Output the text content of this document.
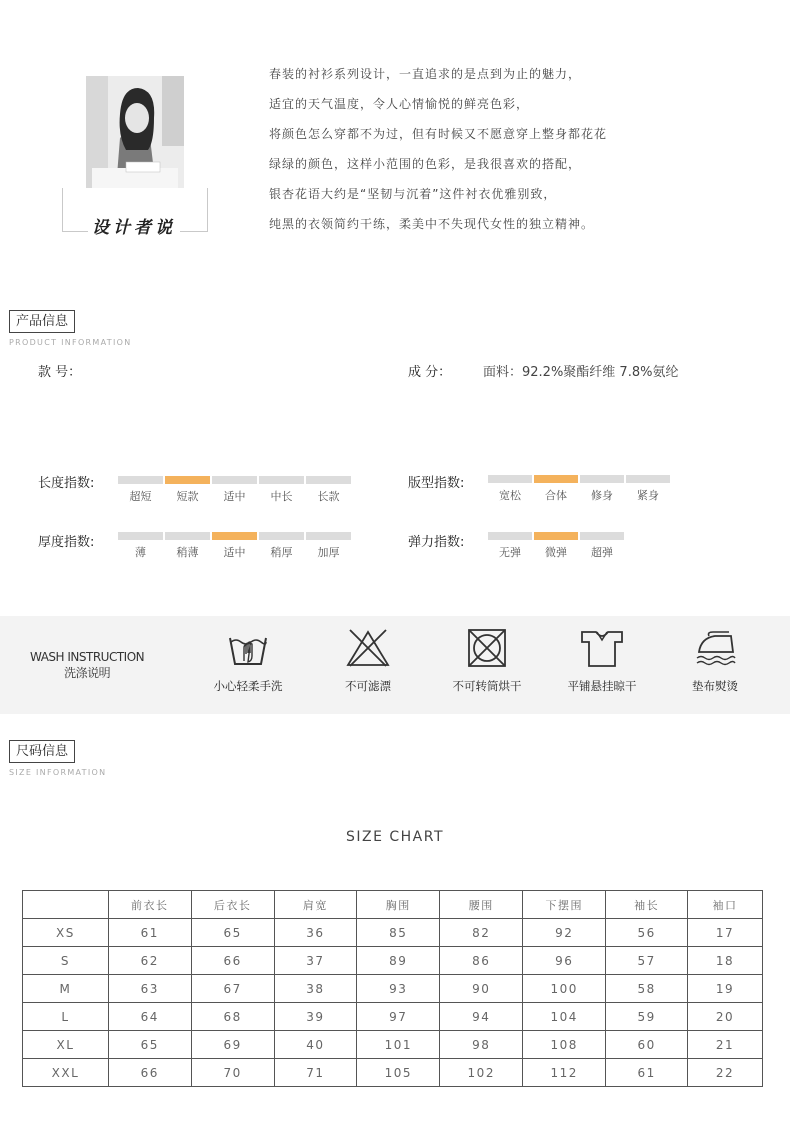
设计者说
春装的衬衫系列设计，一直追求的是点到为止的魅力，
适宜的天气温度，令人心情愉悦的鲜亮色彩，
将颜色怎么穿都不为过，但有时候又不愿意穿上整身都花花
绿绿的颜色，这样小范围的色彩，是我很喜欢的搭配，
银杏花语大约是“坚韧与沉着”这件衬衣优雅别致，
纯黑的衣领简约干练，柔美中不失现代女性的独立精神。
产品信息
PRODUCT INFORMATION
款 号：	成 分： 面料：92.2%聚酯纤维 7.8%氨纶
长度指数:
超短 短款 适中 中长 长款
版型指数:
宽松 合体 修身 紧身
厚度指数:
薄	稍薄 适中 稍厚 加厚
弹力指数:
无弹 微弹 超弹
WASH INSTRUCTION
洗涤说明
小心轻柔手洗	不可滤漂	不可转筒烘干	平铺悬挂晾干	垫布熨烫
尺码信息
SIZE INFORMATION
SIZE CHART
	前衣长	后衣长	肩宽	胸围	腰围	下摆围	袖长	袖口
XS	61	65	36	85	82	92	56	17
S	62	66	37	89	86	96	57	18
M	63	67	38	93	90	100	58	19
L	64	68	39	97	94	104	59	20
XL	65	69	40	101	98	108	60	21
XXL	66	70	71	105	102	112	61	22
